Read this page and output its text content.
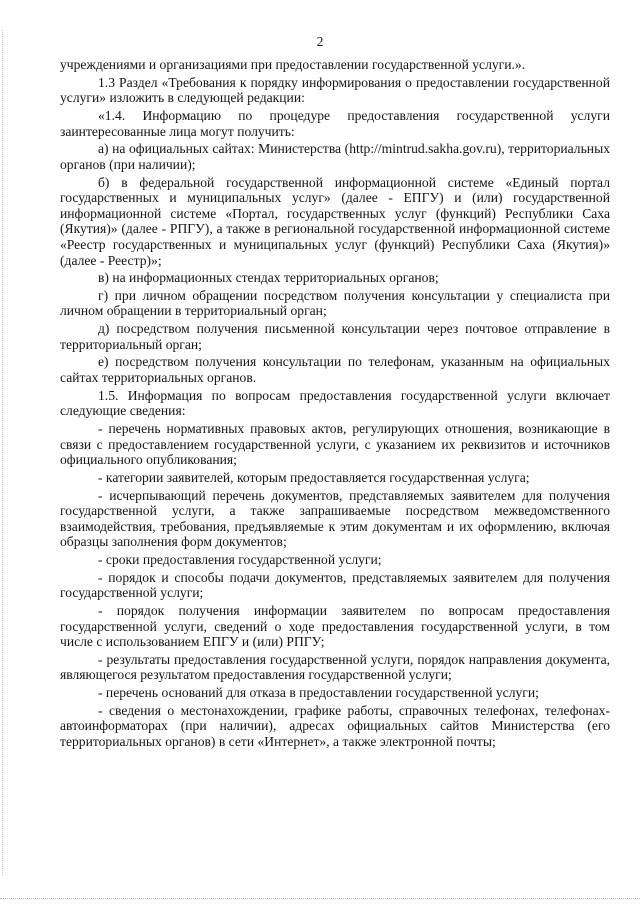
2

учреждениями и организациями при предоставлении государственной услуги.».

1.3 Раздел «Требования к порядку информирования о предоставлении государственной услуги» изложить в следующей редакции:

«1.4. Информацию по процедуре предоставления государственной услуги заинтересованные лица могут получить:

а) на официальных сайтах: Министерства (http://mintrud.sakha.gov.ru), территориальных органов (при наличии);

б) в федеральной государственной информационной системе «Единый портал государственных и муниципальных услуг» (далее - ЕПГУ) и (или) государственной информационной системе «Портал, государственных услуг (функций) Республики Саха (Якутия)» (далее - РПГУ), а также в региональной государственной информационной системе «Реестр государственных и муниципальных услуг (функций) Республики Саха (Якутия)» (далее - Реестр)»;

в) на информационных стендах территориальных органов;

г) при личном обращении посредством получения консультации у специалиста при личном обращении в территориальный орган;

д) посредством получения письменной консультации через почтовое отправление в территориальный орган;

е) посредством получения консультации по телефонам, указанным на официальных сайтах территориальных органов.

1.5. Информация по вопросам предоставления государственной услуги включает следующие сведения:

- перечень нормативных правовых актов, регулирующих отношения, возникающие в связи с предоставлением государственной услуги, с указанием их реквизитов и источников официального опубликования;

- категории заявителей, которым предоставляется государственная услуга;

- исчерпывающий перечень документов, представляемых заявителем для получения государственной услуги, а также запрашиваемые посредством межведомственного взаимодействия, требования, предъявляемые к этим документам и их оформлению, включая образцы заполнения форм документов;

- сроки предоставления государственной услуги;

- порядок и способы подачи документов, представляемых заявителем для получения государственной услуги;

- порядок получения информации заявителем по вопросам предоставления государственной услуги, сведений о ходе предоставления государственной услуги, в том числе с использованием ЕПГУ и (или) РПГУ;

- результаты предоставления государственной услуги, порядок направления документа, являющегося результатом предоставления государственной услуги;

- перечень оснований для отказа в предоставлении государственной услуги;

- сведения о местонахождении, графике работы, справочных телефонах, телефонах-автоинформаторах (при наличии), адресах официальных сайтов Министерства (его территориальных органов) в сети «Интернет», а также электронной почты;
